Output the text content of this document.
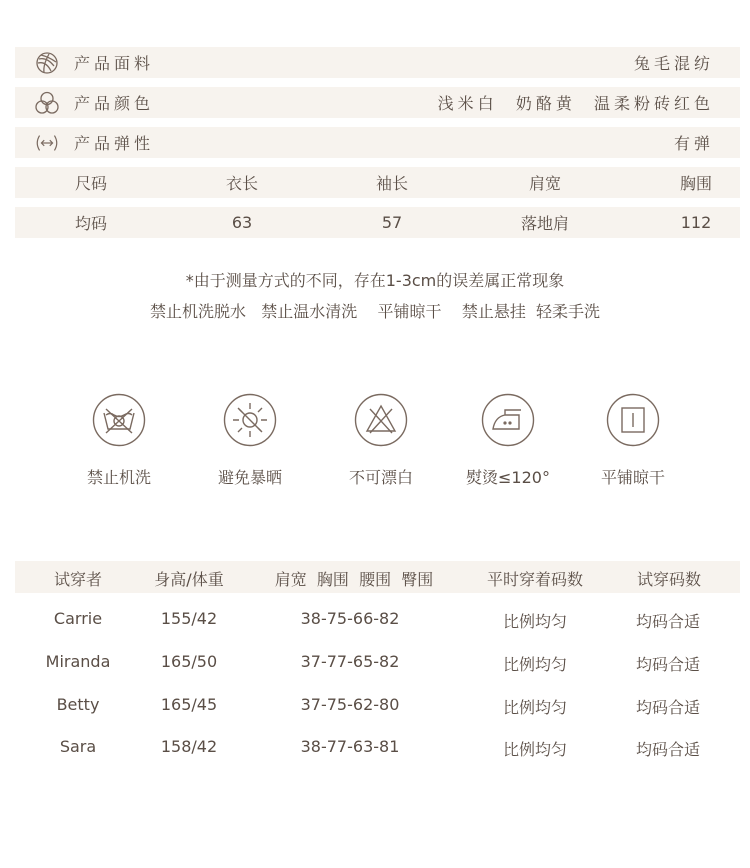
产品面料	兔毛混纺
产品颜色	浅米白  奶酪黄  温柔粉砖红色
产品弹性	有弹
尺码	衣长	袖长	肩宽	胸围
均码	63	57	落地肩	112
*由于测量方式的不同，存在1-3cm的误差属正常现象
禁止机洗脱水   禁止温水清洗    平铺晾干    禁止悬挂  轻柔手洗
禁止机洗	避免暴晒	不可漂白	熨烫≤120°	平铺晾干
试穿者	身高/体重	肩宽  胸围  腰围  臀围	平时穿着码数	试穿码数
Carrie	155/42	38-75-66-82	比例均匀	均码合适
Miranda	165/50	37-77-65-82	比例均匀	均码合适
Betty	165/45	37-75-62-80	比例均匀	均码合适
Sara	158/42	38-77-63-81	比例均匀	均码合适
